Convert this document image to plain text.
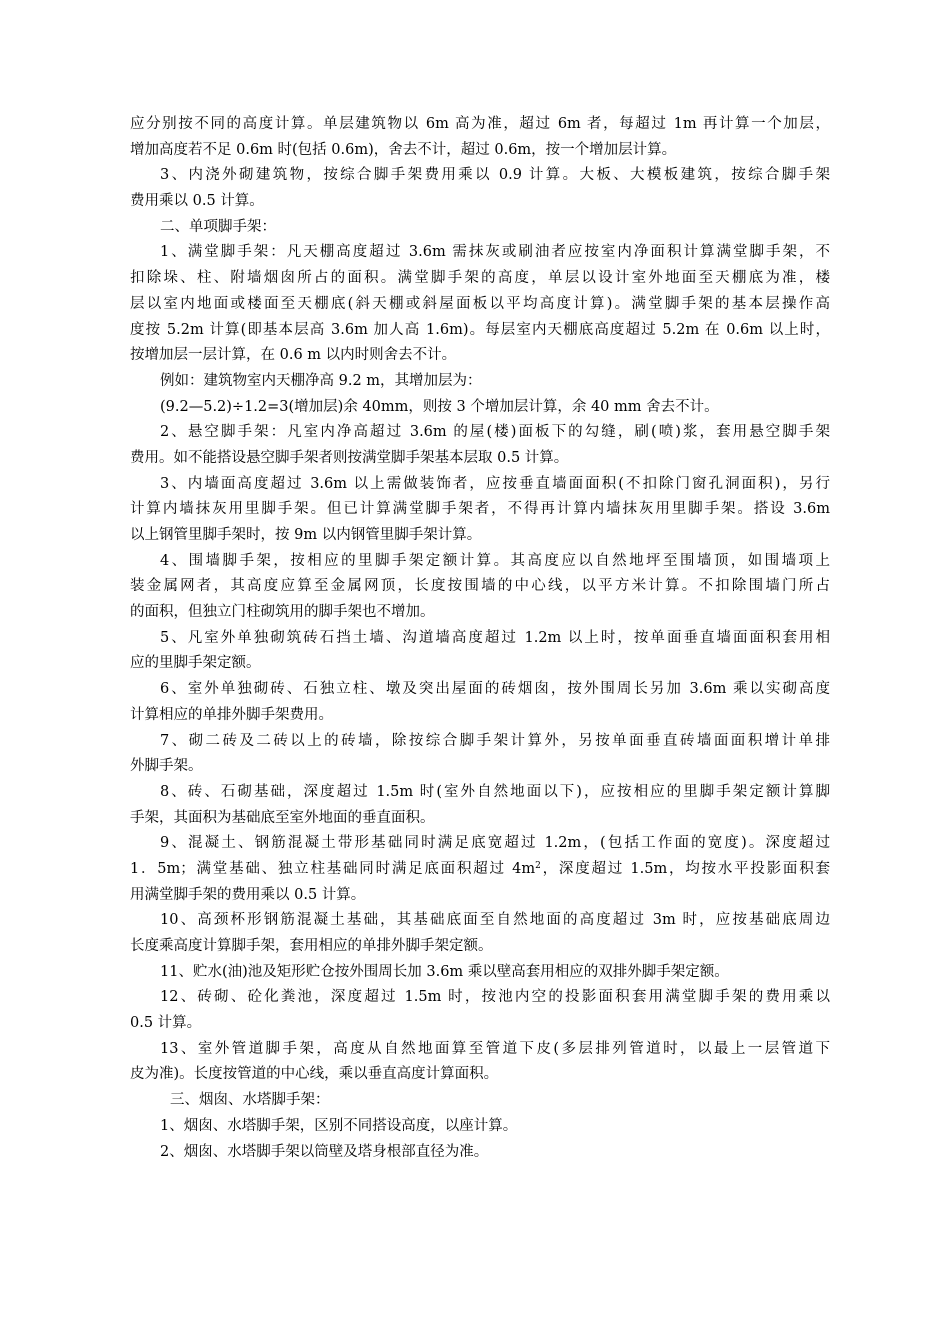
应分别按不同的高度计算。单层建筑物以 6m 高为准，超过 6m 者，每超过 1m 再计算一个加层，
增加高度若不足 0.6m 时(包括 0.6m)，舍去不计，超过 0.6m，按一个增加层计算。
3、内浇外砌建筑物，按综合脚手架费用乘以 0.9 计算。大板、大模板建筑，按综合脚手架
费用乘以 0.5 计算。
二、单项脚手架：
1、满堂脚手架：凡天棚高度超过 3.6m 需抹灰或刷油者应按室内净面积计算满堂脚手架，不
扣除垛、柱、附墙烟囱所占的面积。满堂脚手架的高度，单层以设计室外地面至天棚底为准，楼
层以室内地面或楼面至天棚底(斜天棚或斜屋面板以平均高度计算)。满堂脚手架的基本层操作高
度按 5.2m 计算(即基本层高 3.6m 加人高 1.6m)。每层室内天棚底高度超过 5.2m 在 0.6m 以上时，
按增加层一层计算，在 0.6 m 以内时则舍去不计。
例如：建筑物室内天棚净高 9.2 m，其增加层为：
(9.2—5.2)÷1.2=3(增加层)余 40mm，则按 3 个增加层计算，余 40 mm 舍去不计。
2、悬空脚手架：凡室内净高超过 3.6m 的屋(楼)面板下的勾缝，刷(喷)浆，套用悬空脚手架
费用。如不能搭设悬空脚手架者则按满堂脚手架基本层取 0.5 计算。
3、内墙面高度超过 3.6m 以上需做装饰者，应按垂直墙面面积(不扣除门窗孔洞面积)，另行
计算内墙抹灰用里脚手架。但已计算满堂脚手架者，不得再计算内墙抹灰用里脚手架。搭设 3.6m
以上钢管里脚手架时，按 9m 以内钢管里脚手架计算。
4、围墙脚手架，按相应的里脚手架定额计算。其高度应以自然地坪至围墙顶，如围墙项上
装金属网者，其高度应算至金属网顶，长度按围墙的中心线，以平方米计算。不扣除围墙门所占
的面积，但独立门柱砌筑用的脚手架也不增加。
5、凡室外单独砌筑砖石挡土墙、沟道墙高度超过 1.2m 以上时，按单面垂直墙面面积套用相
应的里脚手架定额。
6、室外单独砌砖、石独立柱、墩及突出屋面的砖烟囱，按外围周长另加 3.6m 乘以实砌高度
计算相应的单排外脚手架费用。
7、砌二砖及二砖以上的砖墙，除按综合脚手架计算外，另按单面垂直砖墙面面积增计单排
外脚手架。
8、砖、石砌基础，深度超过 1.5m 时(室外自然地面以下)，应按相应的里脚手架定额计算脚
手架，其面积为基础底至室外地面的垂直面积。
9、混凝土、钢筋混凝土带形基础同时满足底宽超过 1.2m，(包括工作面的宽度)。深度超过
1．5m；满堂基础、独立柱基础同时满足底面积超过 $4m^2$，深度超过 1.5m，均按水平投影面积套
用满堂脚手架的费用乘以 0.5 计算。
10、高颈杯形钢筋混凝土基础，其基础底面至自然地面的高度超过 3m 时，应按基础底周边
长度乘高度计算脚手架，套用相应的单排外脚手架定额。
11、贮水(油)池及矩形贮仓按外围周长加 3.6m 乘以壁高套用相应的双排外脚手架定额。
12、砖砌、砼化粪池，深度超过 1.5m 时，按池内空的投影面积套用满堂脚手架的费用乘以
0.5 计算。
13、室外管道脚手架，高度从自然地面算至管道下皮(多层排列管道时，以最上一层管道下
皮为准)。长度按管道的中心线，乘以垂直高度计算面积。
三、烟囱、水塔脚手架：
1、烟囱、水塔脚手架，区别不同搭设高度，以座计算。
2、烟囱、水塔脚手架以筒壁及塔身根部直径为准。
